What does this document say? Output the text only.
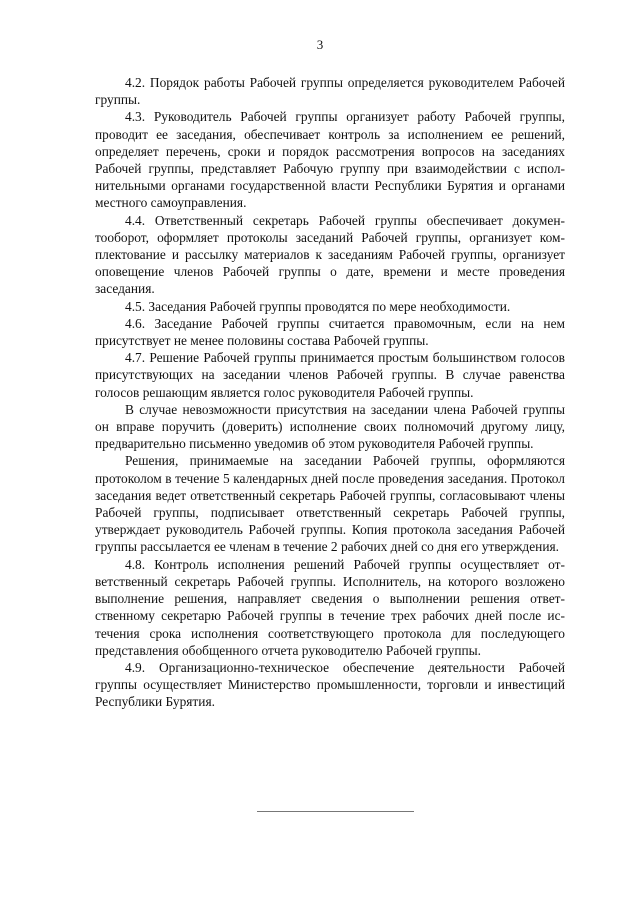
3

4.2. Порядок работы Рабочей группы определяется руководителем Рабочей группы.

4.3. Руководитель Рабочей группы организует работу Рабочей группы, проводит ее заседания, обеспечивает контроль за исполнением ее решений, определяет перечень, сроки и порядок рассмотрения вопросов на заседаниях Рабочей группы, представляет Рабочую группу при взаимодействии с исполнительными органами государственной власти Республики Бурятия и органами местного самоуправления.

4.4. Ответственный секретарь Рабочей группы обеспечивает документооборот, оформляет протоколы заседаний Рабочей группы, организует комплектование и рассылку материалов к заседаниям Рабочей группы, организует оповещение членов Рабочей группы о дате, времени и месте проведения заседания.

4.5. Заседания Рабочей группы проводятся по мере необходимости.

4.6. Заседание Рабочей группы считается правомочным, если на нем присутствует не менее половины состава Рабочей группы.

4.7. Решение Рабочей группы принимается простым большинством голосов присутствующих на заседании членов Рабочей группы. В случае равенства голосов решающим является голос руководителя Рабочей группы.

В случае невозможности присутствия на заседании члена Рабочей группы он вправе поручить (доверить) исполнение своих полномочий другому лицу, предварительно письменно уведомив об этом руководителя Рабочей группы.

Решения, принимаемые на заседании Рабочей группы, оформляются протоколом в течение 5 календарных дней после проведения заседания. Протокол заседания ведет ответственный секретарь Рабочей группы, согласовывают члены Рабочей группы, подписывает ответственный секретарь Рабочей группы, утверждает руководитель Рабочей группы. Копия протокола заседания Рабочей группы рассылается ее членам в течение 2 рабочих дней со дня его утверждения.

4.8. Контроль исполнения решений Рабочей группы осуществляет ответственный секретарь Рабочей группы. Исполнитель, на которого возложено выполнение решения, направляет сведения о выполнении решения ответственному секретарю Рабочей группы в течение трех рабочих дней после истечения срока исполнения соответствующего протокола для последующего представления обобщенного отчета руководителю Рабочей группы.

4.9. Организационно-техническое обеспечение деятельности Рабочей группы осуществляет Министерство промышленности, торговли и инвестиций Республики Бурятия.
